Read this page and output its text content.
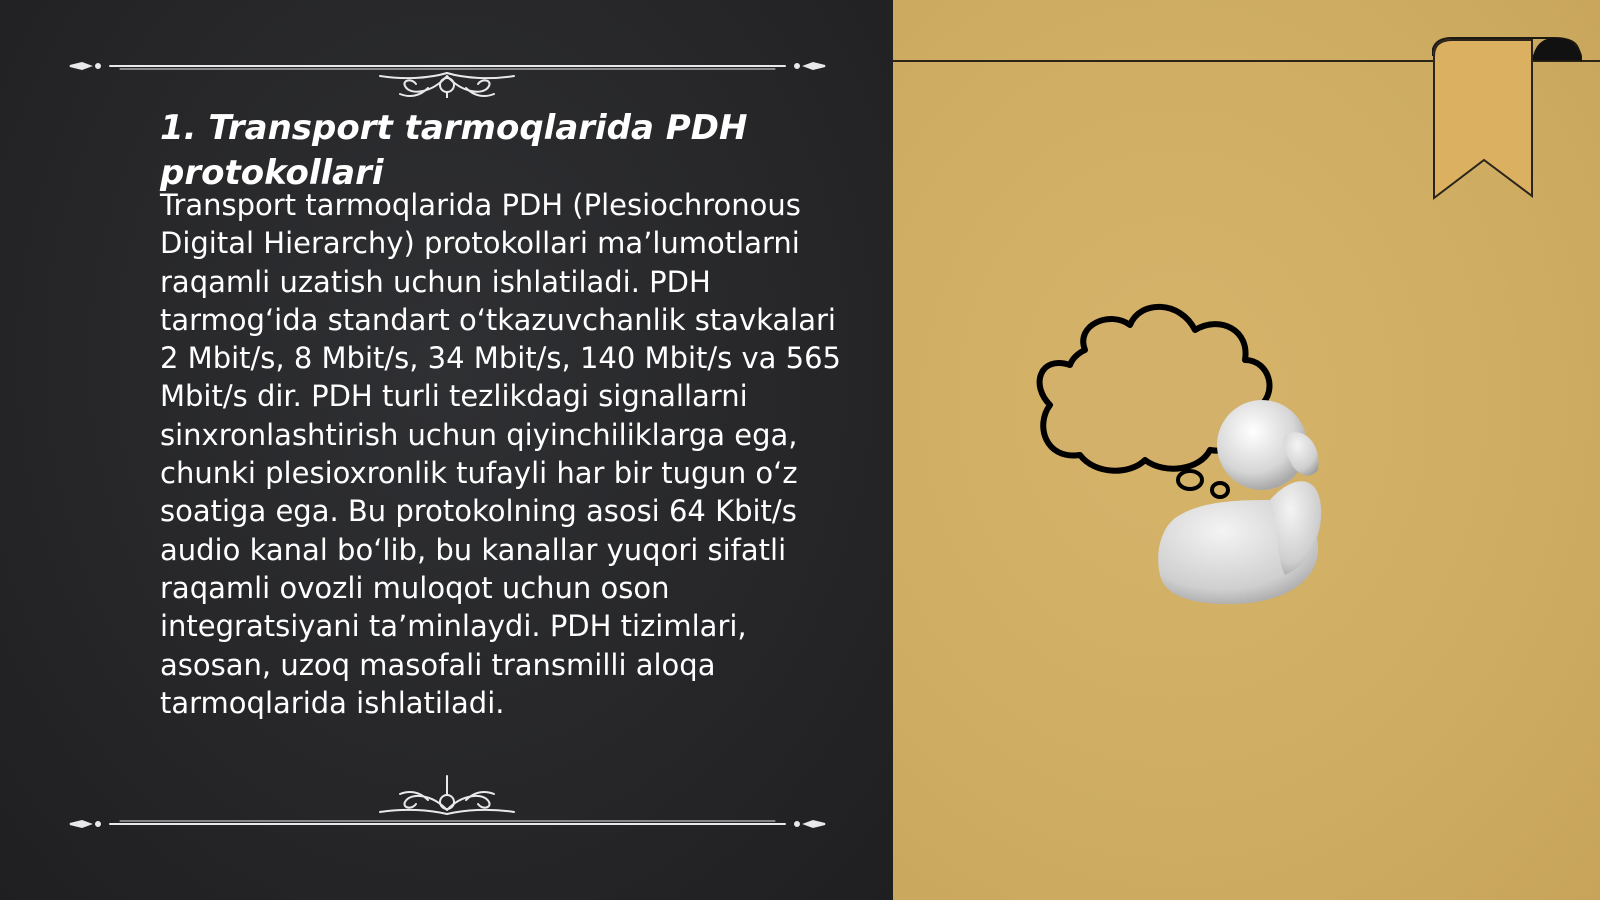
1. Transport tarmoqlarida PDH protokollari

Transport tarmoqlarida PDH (Plesiochronous Digital Hierarchy) protokollari ma’lumotlarni raqamli uzatish uchun ishlatiladi. PDH tarmog‘ida standart o‘tkazuvchanlik stavkalari 2 Mbit/s, 8 Mbit/s, 34 Mbit/s, 140 Mbit/s va 565 Mbit/s dir. PDH turli tezlikdagi signallarni sinxronlashtirish uchun qiyinchiliklarga ega, chunki plesioxronlik tufayli har bir tugun o‘z soatiga ega. Bu protokolning asosi 64 Kbit/s audio kanal bo‘lib, bu kanallar yuqori sifatli raqamli ovozli muloqot uchun oson integratsiyani ta’minlaydi. PDH tizimlari, asosan, uzoq masofali transmilli aloqa tarmoqlarida ishlatiladi.
